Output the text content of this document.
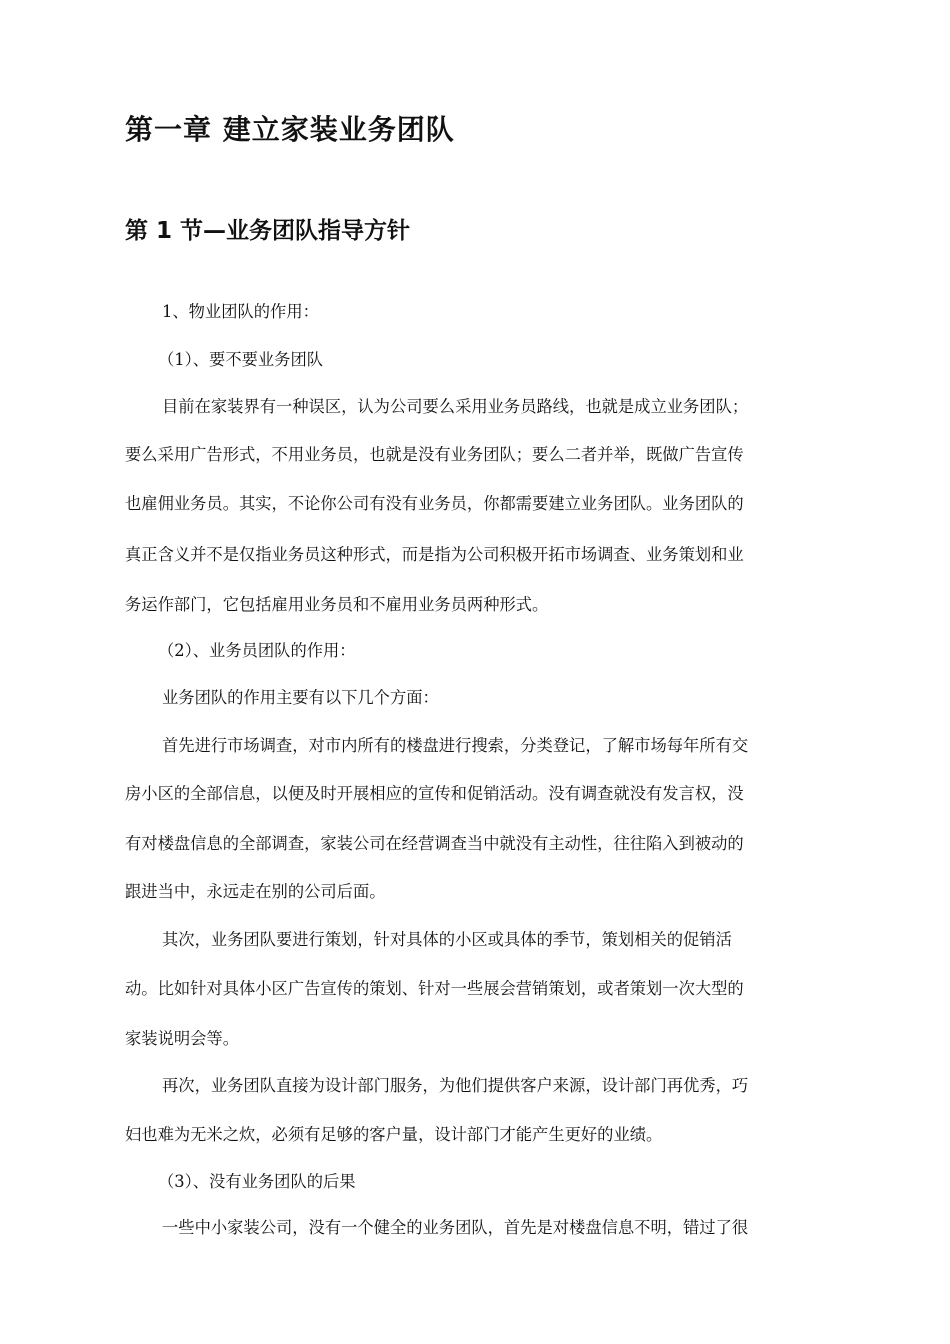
第一章 建立家装业务团队
第 1 节—业务团队指导方针
1、物业团队的作用：
（1）、要不要业务团队
目前在家装界有一种误区，认为公司要么采用业务员路线，也就是成立业务团队；
要么采用广告形式，不用业务员，也就是没有业务团队；要么二者并举，既做广告宣传
也雇佣业务员。其实，不论你公司有没有业务员，你都需要建立业务团队。业务团队的
真正含义并不是仅指业务员这种形式，而是指为公司积极开拓市场调查、业务策划和业
务运作部门，它包括雇用业务员和不雇用业务员两种形式。
（2）、业务员团队的作用：
业务团队的作用主要有以下几个方面：
首先进行市场调查，对市内所有的楼盘进行搜索，分类登记，了解市场每年所有交
房小区的全部信息，以便及时开展相应的宣传和促销活动。没有调查就没有发言权，没
有对楼盘信息的全部调查，家装公司在经营调查当中就没有主动性，往往陷入到被动的
跟进当中，永远走在别的公司后面。
其次，业务团队要进行策划，针对具体的小区或具体的季节，策划相关的促销活
动。比如针对具体小区广告宣传的策划、针对一些展会营销策划，或者策划一次大型的
家装说明会等。
再次，业务团队直接为设计部门服务，为他们提供客户来源，设计部门再优秀，巧
妇也难为无米之炊，必须有足够的客户量，设计部门才能产生更好的业绩。
（3）、没有业务团队的后果
一些中小家装公司，没有一个健全的业务团队，首先是对楼盘信息不明，错过了很
